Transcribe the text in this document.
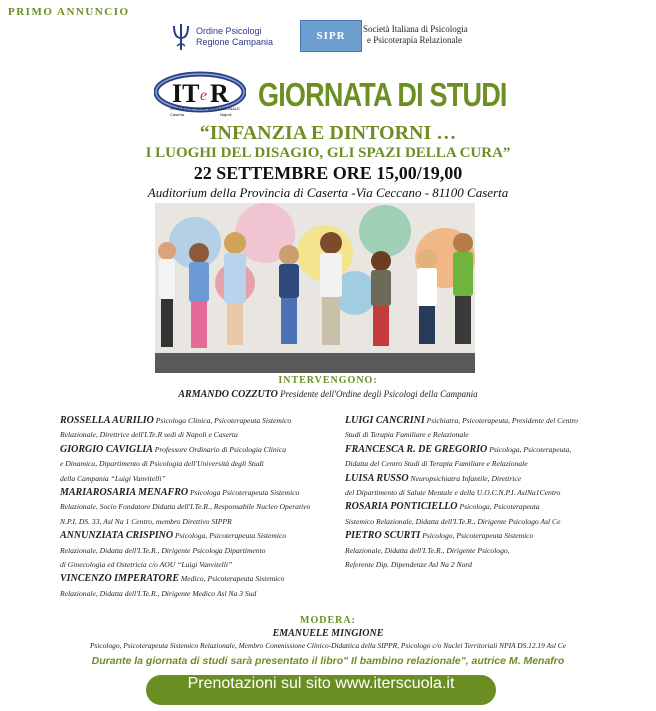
PRIMO ANNUNCIO
Ordine Psicologi
Regione Campania	SIPR
Società Italiana di Psicologia
e Psicoterapia Relazionale
IT e R
ISTITUTO DI TERAPIA RELAZIONALE
Caserta	Napoli
GIORNATA DI STUDI
“INFANZIA E DINTORNI …
I LUOGHI DEL DISAGIO, GLI SPAZI DELLA CURA”
22 SETTEMBRE ORE 15,00/19,00
Auditorium della Provincia di Caserta -Via Ceccano - 81100 Caserta
INTERVENGONO:
ARMANDO COZZUTO Presidente dell'Ordine degli Psicologi della Campania
ROSSELLA AURILIO Psicologa Clinica, Psicoterapeuta Sistemico
Relazionale, Direttrice dell'I.Te.R sedi di Napoli e Caserta
GIORGIO CAVIGLIA Professore Ordinario di Psicologia Clinica
e Dinamica, Dipartimento di Psicologia dell'Università degli Studi
della Campania “Luigi Vanvitelli”
MARIAROSARIA MENAFRO Psicologa Psicoterapeuta Sistemico
Relazionale, Socio Fondatore Didatta dell'I.Te.R., Responsabile Nucleo Operativo
N.P.I. DS. 33, Asl Na 1 Centro, membro Direttivo SIPPR
ANNUNZIATA CRISPINO Psicologa, Psicoterapeuta Sistemico
Relazionale, Didatta dell'I.Te.R., Dirigente Psicologa Dipartimento
di Ginecologia ed Ostetricia c/o AOU “Luigi Vanvitelli”
VINCENZO IMPERATORE Medico, Psicoterapeuta Sistemico
Relazionale, Didatta dell'I.Te.R., Dirigente Medico Asl Na 3 Sud
LUIGI CANCRINI Psichiatra, Psicoterapeuta, Presidente del Centro
Studi di Terapia Familiare e Relazionale
FRANCESCA R. DE GREGORIO Psicologa, Psicoterapeuta,
Didatta del Centro Studi di Terapia Familiare e Relazionale
LUISA RUSSO Neuropsichiatra Infantile, Direttrice
del Dipartimento di Salute Mentale e della U.O.C.N.P.I. AslNa1Centro
ROSARIA PONTICIELLO Psicologa, Psicoterapeuta
Sistemico Relazionale, Didatta dell'I.Te.R., Dirigente Psicologo Asl Ce
PIETRO SCURTI Psicologo, Psicoterapeuta Sistemico
Relazionale, Didatta dell'I.Te.R., Dirigente Psicologo,
Referente Dip. Dipendenze Asl Na 2 Nord
MODERA:
EMANUELE MINGIONE
Psicologo, Psicoterapeuta Sistemico Relazionale, Membro Commissione Clinico-Didattica della SIPPR, Psicologo c/o Nuclei Territoriali NPIA DS.12.19 Asl Ce
Durante la giornata di studi sarà presentato il libro" Il bambino relazionale", autrice M. Menafro
Prenotazioni sul sito www.iterscuola.it
